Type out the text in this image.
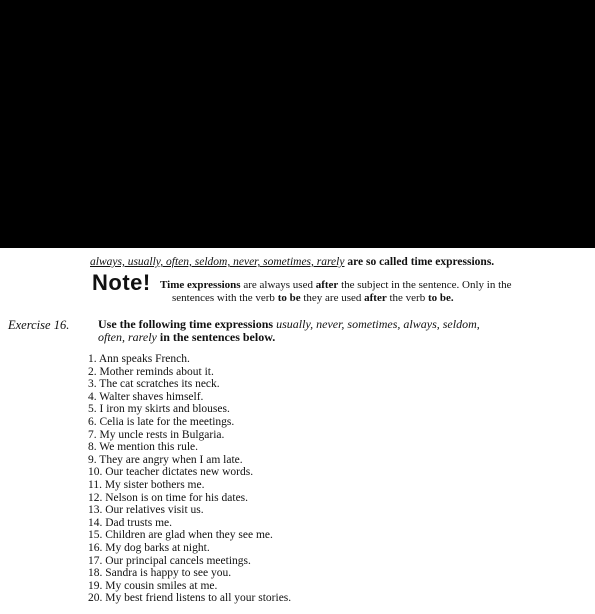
always, usually, often, seldom, never, sometimes, rarely are so called time expressions.
Note! Time expressions are always used after the subject in the sentence. Only in the
sentences with the verb to be they are used after the verb to be.
Exercise 16. Use the following time expressions usually, never, sometimes, always, seldom,
often, rarely in the sentences below.
1. Ann speaks French.
2. Mother reminds about it.
3. The cat scratches its neck.
4. Walter shaves himself.
5. I iron my skirts and blouses.
6. Celia is late for the meetings.
7. My uncle rests in Bulgaria.
8. We mention this rule.
9. They are angry when I am late.
10. Our teacher dictates new words.
11. My sister bothers me.
12. Nelson is on time for his dates.
13. Our relatives visit us.
14. Dad trusts me.
15. Children are glad when they see me.
16. My dog barks at night.
17. Our principal cancels meetings.
18. Sandra is happy to see you.
19. My cousin smiles at me.
20. My best friend listens to all your stories.
